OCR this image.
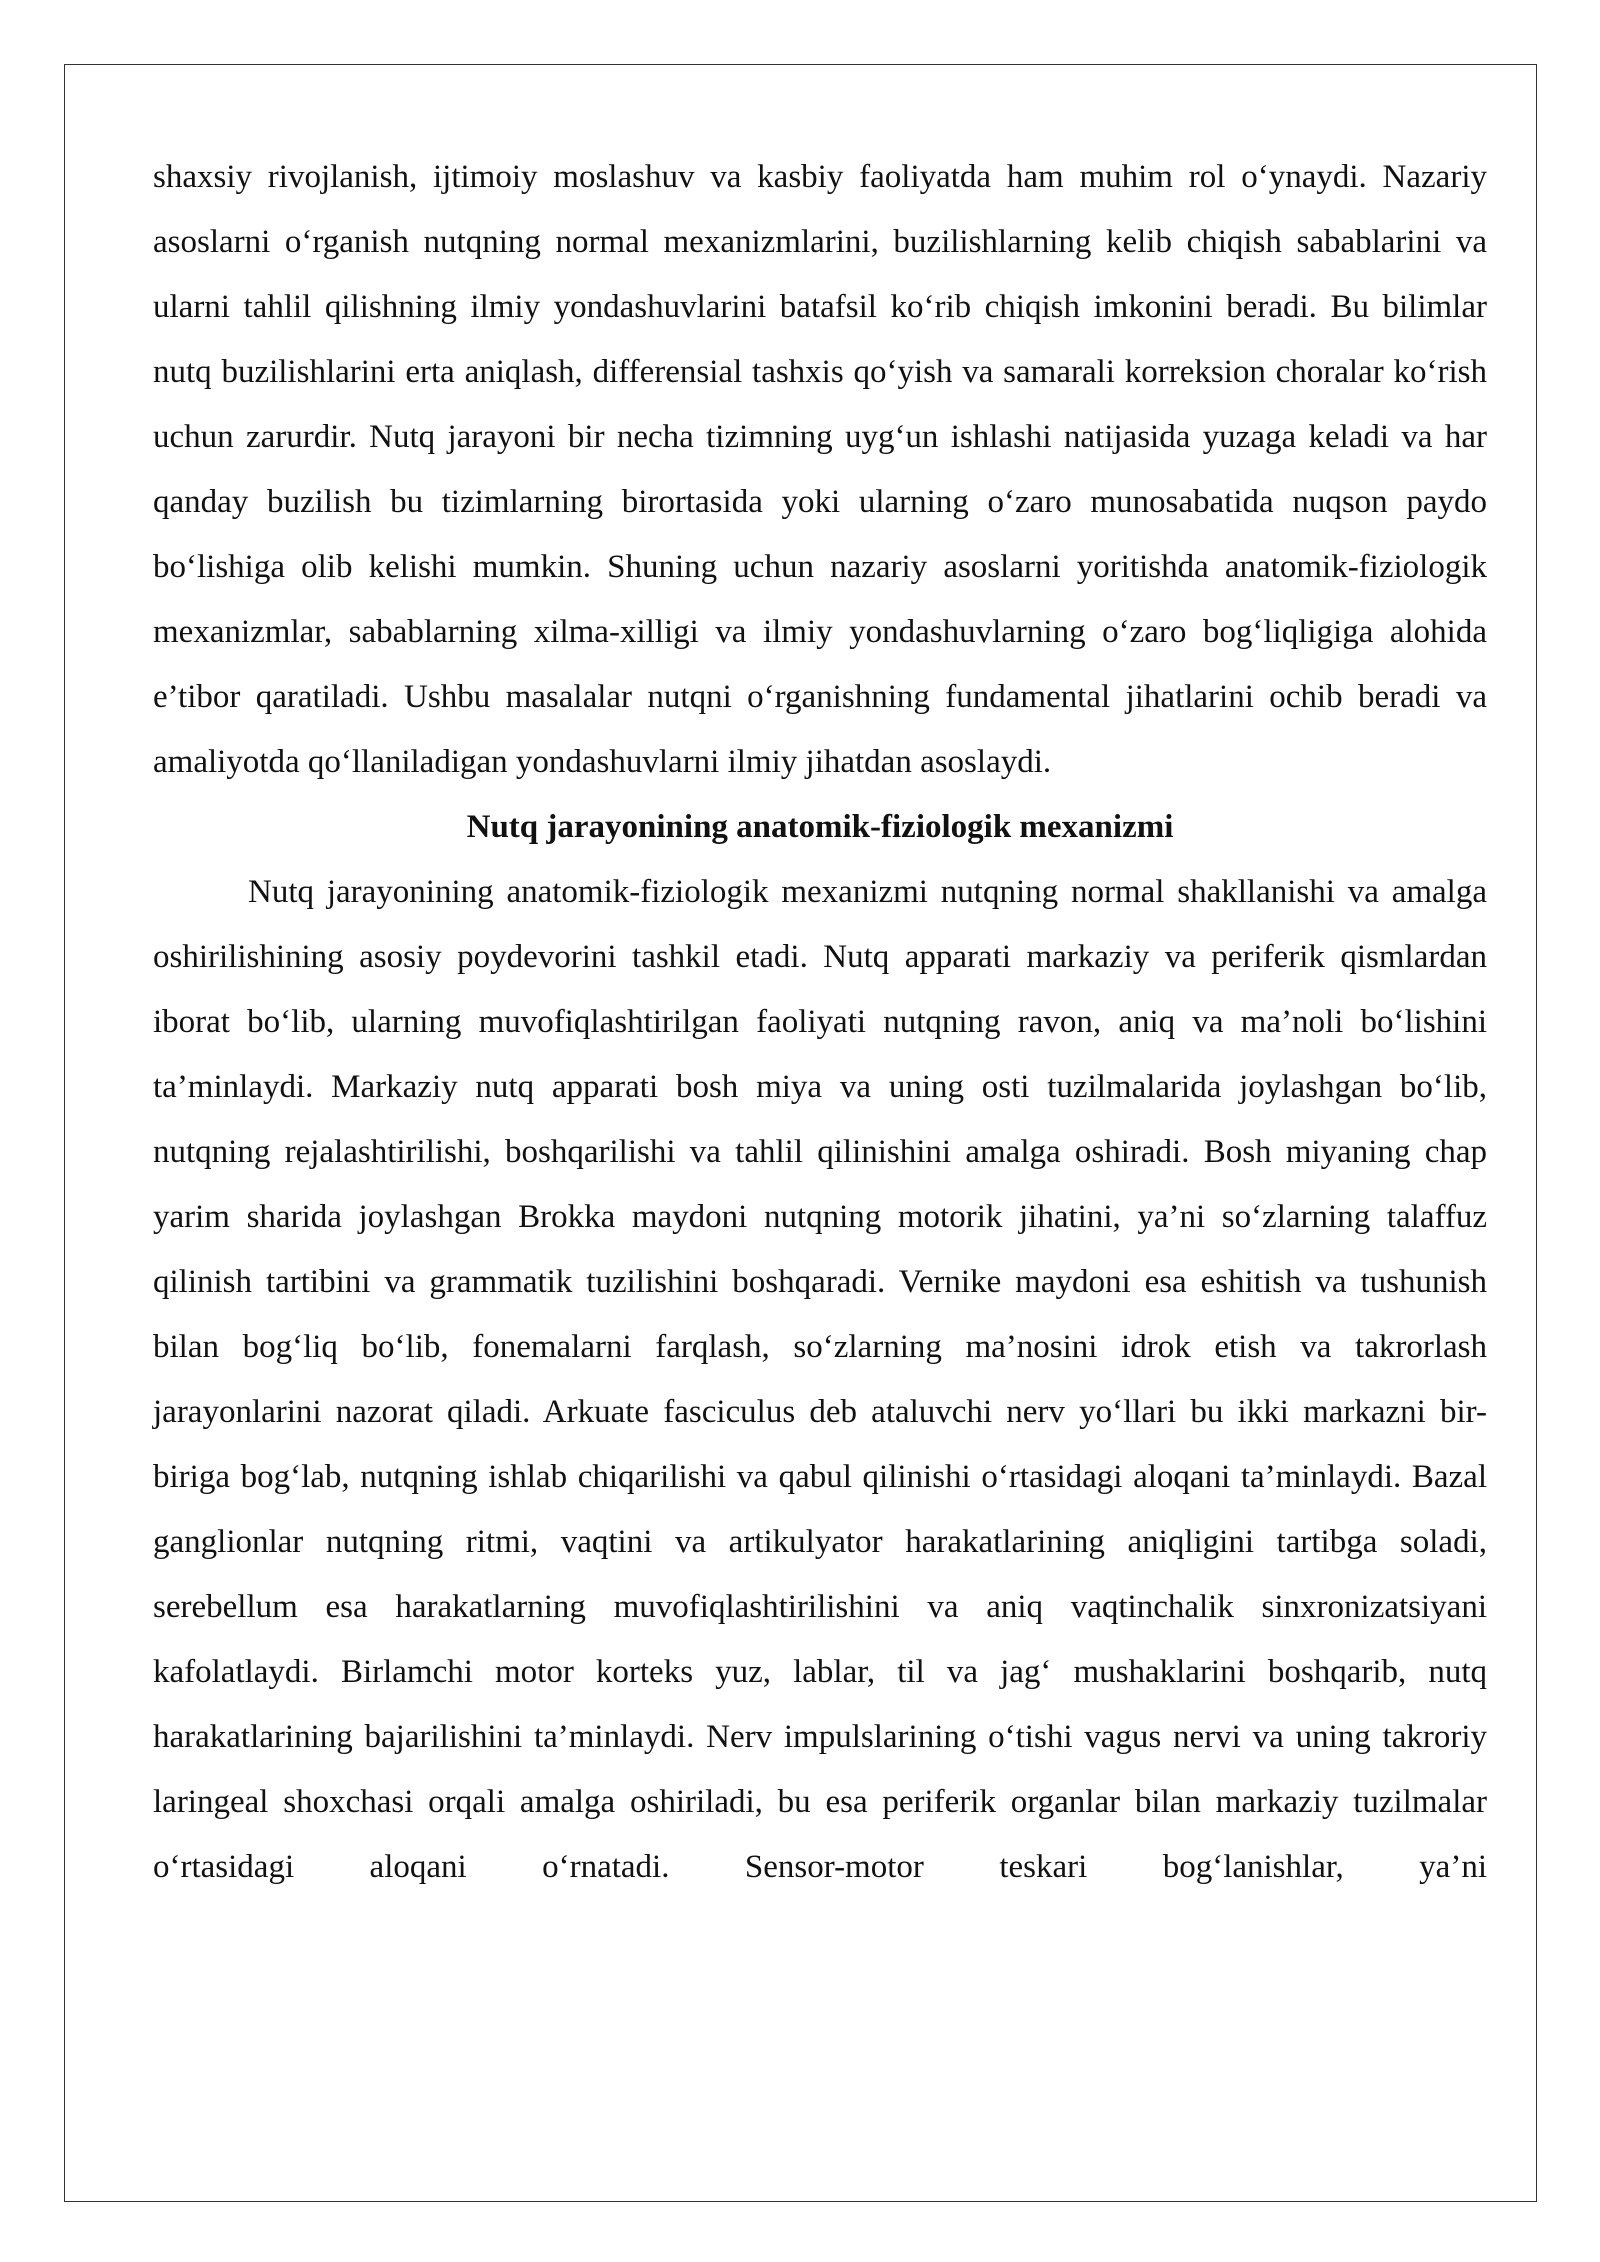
shaxsiy rivojlanish, ijtimoiy moslashuv va kasbiy faoliyatda ham muhim rol o‘ynaydi. Nazariy asoslarni o‘rganish nutqning normal mexanizmlarini, buzilishlarning kelib chiqish sabablarini va ularni tahlil qilishning ilmiy yondashuvlarini batafsil ko‘rib chiqish imkonini beradi. Bu bilimlar nutq buzilishlarini erta aniqlash, differensial tashxis qo‘yish va samarali korreksion choralar ko‘rish uchun zarurdir. Nutq jarayoni bir necha tizimning uyg‘un ishlashi natijasida yuzaga keladi va har qanday buzilish bu tizimlarning birortasida yoki ularning o‘zaro munosabatida nuqson paydo bo‘lishiga olib kelishi mumkin. Shuning uchun nazariy asoslarni yoritishda anatomik-fiziologik mexanizmlar, sabablarning xilma-xilligi va ilmiy yondashuvlarning o‘zaro bog‘liqligiga alohida e’tibor qaratiladi. Ushbu masalalar nutqni o‘rganishning fundamental jihatlarini ochib beradi va amaliyotda qo‘llaniladigan yondashuvlarni ilmiy jihatdan asoslaydi.

Nutq jarayonining anatomik-fiziologik mexanizmi

Nutq jarayonining anatomik-fiziologik mexanizmi nutqning normal shakllanishi va amalga oshirilishining asosiy poydevorini tashkil etadi. Nutq apparati markaziy va periferik qismlardan iborat bo‘lib, ularning muvofiqlashtirilgan faoliyati nutqning ravon, aniq va ma’noli bo‘lishini ta’minlaydi. Markaziy nutq apparati bosh miya va uning osti tuzilmalarida joylashgan bo‘lib, nutqning rejalashtirilishi, boshqarilishi va tahlil qilinishini amalga oshiradi. Bosh miyaning chap yarim sharida joylashgan Brokka maydoni nutqning motorik jihatini, ya’ni so‘zlarning talaffuz qilinish tartibini va grammatik tuzilishini boshqaradi. Vernike maydoni esa eshitish va tushunish bilan bog‘liq bo‘lib, fonemalarni farqlash, so‘zlarning ma’nosini idrok etish va takrorlash jarayonlarini nazorat qiladi. Arkuate fasciculus deb ataluvchi nerv yo‘llari bu ikki markazni bir-biriga bog‘lab, nutqning ishlab chiqarilishi va qabul qilinishi o‘rtasidagi aloqani ta’minlaydi. Bazal ganglionlar nutqning ritmi, vaqtini va artikulyator harakatlarining aniqligini tartibga soladi, serebellum esa harakatlarning muvofiqlashtirilishini va aniq vaqtinchalik sinxronizatsiyani kafolatlaydi. Birlamchi motor korteks yuz, lablar, til va jag‘ mushaklarini boshqarib, nutq harakatlarining bajarilishini ta’minlaydi. Nerv impulslarining o‘tishi vagus nervi va uning takroriy laringeal shoxchasi orqali amalga oshiriladi, bu esa periferik organlar bilan markaziy tuzilmalar o‘rtasidagi aloqani o‘rnatadi. Sensor-motor teskari bog‘lanishlar, ya’ni
